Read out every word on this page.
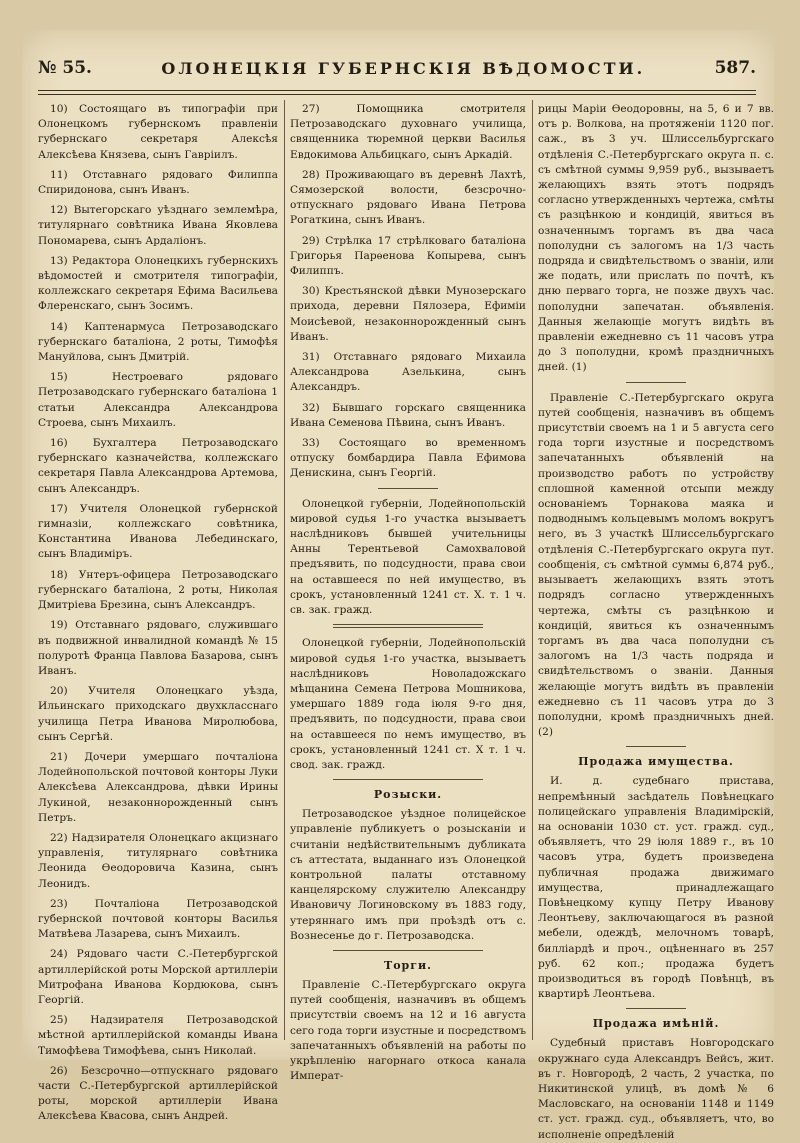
№ 55.	ОЛОНЕЦКІЯ ГУБЕРНСКІЯ ВѢДОМОСТИ.	587.

10) Состоящаго въ типографіи при Олонецкомъ губернскомъ правленіи губернскаго секретаря Алексѣя Алексѣева Князева, сынъ Гавріилъ.

11) Отставнаго рядоваго Филиппа Спиридонова, сынъ Иванъ.

12) Вытегорскаго уѣзднаго землемѣра, титулярнаго совѣтника Ивана Яковлева Пономарева, сынъ Ардаліонъ.

13) Редактора Олонецкихъ губернскихъ вѣдомостей и смотрителя типографіи, коллежскаго секретаря Ефима Васильева Флеренскаго, сынъ Зосимъ.

14) Каптенармуса Петрозаводскаго губернскаго баталіона, 2 роты, Тимофѣя Мануйлова, сынъ Дмитрій.

15) Нестроеваго рядоваго Петрозаводскаго губернскаго баталіона 1 статьи Александра Александрова Строева, сынъ Михаилъ.

16) Бухгалтера Петрозаводскаго губернскаго казначейства, коллежскаго секретаря Павла Александрова Артемова, сынъ Александръ.

17) Учителя Олонецкой губернской гимназіи, коллежскаго совѣтника, Константина Иванова Лебединскаго, сынъ Владиміръ.

18) Унтеръ-офицера Петрозаводскаго губернскаго баталіона, 2 роты, Николая Дмитріева Брезина, сынъ Александръ.

19) Отставнаго рядоваго, служившаго въ подвижной инвалидной командѣ № 15 полуротѣ Франца Павлова Базарова, сынъ Иванъ.

20) Учителя Олонецкаго уѣзда, Ильинскаго приходскаго двухкласснаго училища Петра Иванова Миролюбова, сынъ Сергѣй.

21) Дочери умершаго почталіона Лодейнопольской почтовой конторы Луки Алексѣева Александрова, дѣвки Ирины Лукиной, незаконнорожденный сынъ Петръ.

22) Надзирателя Олонецкаго акцизнаго управленія, титулярнаго совѣтника Леонида Ѳеодоровича Казина, сынъ Леонидъ.

23) Почталіона Петрозаводской губернской почтовой конторы Василья Матвѣева Лазарева, сынъ Михаилъ.

24) Рядоваго части С.-Петербургской артиллерійской роты Морской артиллеріи Митрофана Иванова Кордюкова, сынъ Георгій.

25) Надзирателя Петрозаводской мѣстной артиллерійской команды Ивана Тимофѣева Тимофѣева, сынъ Николай.

26) Безсрочно—отпускнаго рядоваго части С.-Петербургской артиллерійской роты, морской артиллеріи Ивана Алексѣева Квасова, сынъ Андрей.

27) Помощника смотрителя Петрозаводскаго духовнаго училища, священника тюремной церкви Василья Евдокимова Альбицкаго, сынъ Аркадій.

28) Проживающаго въ деревнѣ Лахтѣ, Сямозерской волости, безсрочно-отпускнаго рядоваго Ивана Петрова Рогаткина, сынъ Иванъ.

29) Стрѣлка 17 стрѣлковаго баталіона Григорья Парѳенова Копырева, сынъ Филиппъ.

30) Крестьянской дѣвки Мунозерскаго прихода, деревни Пялозера, Ефиміи Моисѣевой, незаконнорожденный сынъ Иванъ.

31) Отставнаго рядоваго Михаила Александрова Азелькина, сынъ Александръ.

32) Бывшаго горскаго священника Ивана Семенова Пѣвина, сынъ Иванъ.

33) Состоящаго во временномъ отпуску бомбардира Павла Ефимова Денискина, сынъ Георгій.

Олонецкой губерніи, Лодейнопольскій мировой судья 1-го участка вызываетъ наслѣдниковъ бывшей учительницы Анны Терентьевой Самохваловой предъявить, по подсудности, права свои на оставшееся по ней имущество, въ срокъ, установленный 1241 ст. Х. т. 1 ч. св. зак. гражд.

Олонецкой губерніи, Лодейнопольскій мировой судья 1-го участка, вызываетъ наслѣдниковъ Новоладожскаго мѣщанина Семена Петрова Мошникова, умершаго 1889 года іюля 9-го дня, предъявить, по подсудности, права свои на оставшееся по немъ имущество, въ срокъ, установленный 1241 ст. Х т. 1 ч. свод. зак. гражд.

Розыски.

Петрозаводское уѣздное полицейское управленіе публикуетъ о розысканіи и считаніи недѣйствительнымъ дубликата съ аттестата, выданнаго изъ Олонецкой контрольной палаты отставному канцелярскому служителю Александру Ивановичу Логиновскому въ 1883 году, утеряннаго имъ при проѣздѣ отъ с. Вознесенье до г. Петрозаводска.

Торги.

Правленіе С.-Петербургскаго округа путей сообщенія, назначивъ въ общемъ присутствіи своемъ на 12 и 16 августа сего года торги изустные и посредствомъ запечатанныхъ объявленій на работы по укрѣпленію нагорнаго откоса канала Императ-

рицы Маріи Ѳеодоровны, на 5, 6 и 7 вв. отъ р. Волкова, на протяженіи 1120 пог. саж., въ 3 уч. Шлиссельбургскаго отдѣленія С.-Петербургскаго округа п. с. съ смѣтной суммы 9,959 руб., вызываетъ желающихъ взять этотъ подрядъ согласно утвержденныхъ чертежа, смѣты съ разцѣнкою и кондицій, явиться въ означеннымъ торгамъ въ два часа пополудни съ залогомъ на 1/3 часть подряда и свидѣтельствомъ о званіи, или же подать, или прислать по почтѣ, къ дню перваго торга, не позже двухъ час. пополудни запечатан. объявленія. Данныя желающіе могутъ видѣть въ правленіи ежедневно съ 11 часовъ утра до 3 пополудни, кромѣ праздничныхъ дней. (1)

Правленіе С.-Петербургскаго округа путей сообщенія, назначивъ въ общемъ присутствіи своемъ на 1 и 5 августа сего года торги изустные и посредствомъ запечатанныхъ объявленій на производство работъ по устройству сплошной каменной отсыпи между основаніемъ Торнакова маяка и подводнымъ кольцевымъ моломъ вокругъ него, въ 3 участкѣ Шлиссельбургскаго отдѣленія С.-Петербургскаго округа пут. сообщенія, съ смѣтной суммы 6,874 руб., вызываетъ желающихъ взять этотъ подрядъ согласно утвержденныхъ чертежа, смѣты съ разцѣнкою и кондицій, явиться къ означеннымъ торгамъ въ два часа пополудни съ залогомъ на 1/3 часть подряда и свидѣтельствомъ о званіи. Данныя желающіе могутъ видѣть въ правленіи ежедневно съ 11 часовъ утра до 3 пополудни, кромѣ праздничныхъ дней. (2)

Продажа имущества.

И. д. судебнаго пристава, непремѣнный засѣдатель Повѣнецкаго полицейскаго управленія Владимірскій, на основаніи 1030 ст. уст. гражд. суд., объявляетъ, что 29 іюля 1889 г., въ 10 часовъ утра, будетъ произведена публичная продажа движимаго имущества, принадлежащаго Повѣнецкому купцу Петру Иванову Леонтьеву, заключающагося въ разной мебели, одеждѣ, мелочномъ товарѣ, билліардѣ и проч., оцѣненнаго въ 257 руб. 62 коп.; продажа будетъ производиться въ городѣ Повѣнцѣ, въ квартирѣ Леонтьева.

Продажа имѣній.

Судебный приставъ Новгородскаго окружнаго суда Александръ Вейсъ, жит. въ г. Новгородѣ, 2 часть, 2 участка, по Никитинской улицѣ, въ домѣ № 6 Масловскаго, на основаніи 1148 и 1149 ст. уст. гражд. суд., объявляетъ, что, во исполненіе опредѣленій
